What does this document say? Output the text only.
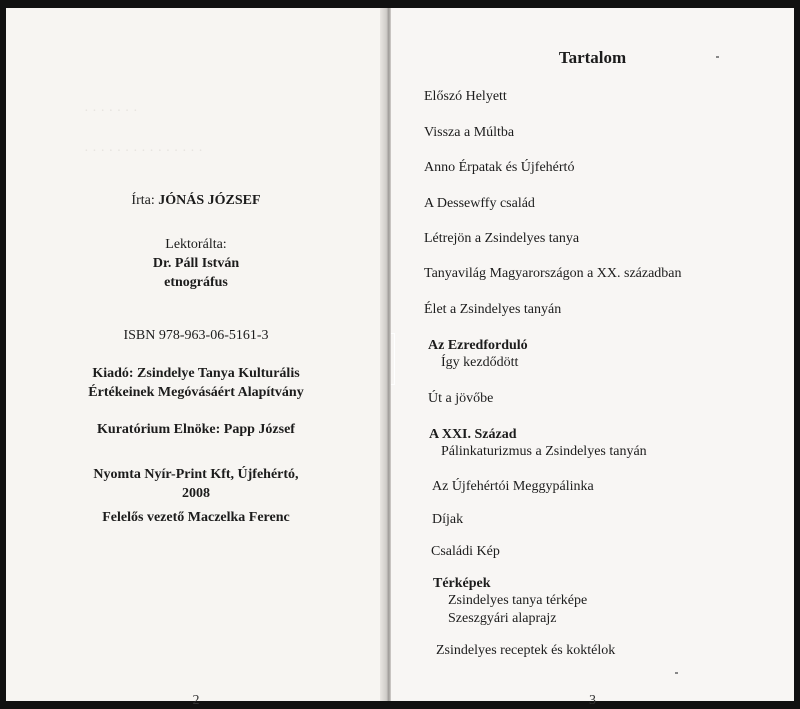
· · · · · · ·
· · · · · · · · · · · · · · ·
Írta: JÓNÁS JÓZSEF
Lektorálta:
Dr. Páll István
etnográfus
ISBN 978-963-06-5161-3
Kiadó: Zsindelye Tanya Kulturális
Értékeinek Megóvásáért Alapítvány
Kuratórium Elnöke: Papp József
Nyomta Nyír-Print Kft, Újfehértó,
2008
Felelős vezető Maczelka Ferenc
2
Tartalom
Előszó Helyett
Vissza a Múltba
Anno Érpatak és Újfehértó
A Dessewffy család
Létrejön a Zsindelyes tanya
Tanyavilág Magyarországon a XX. században
Élet a Zsindelyes tanyán
Az Ezredforduló
Így kezdődött
Út a jövőbe
A XXI. Század
Pálinkaturizmus a Zsindelyes tanyán
Az Újfehértói Meggypálinka
Díjak
Családi Kép
Térképek
Zsindelyes tanya térképe
Szeszgyári alaprajz
Zsindelyes receptek és koktélok
3
